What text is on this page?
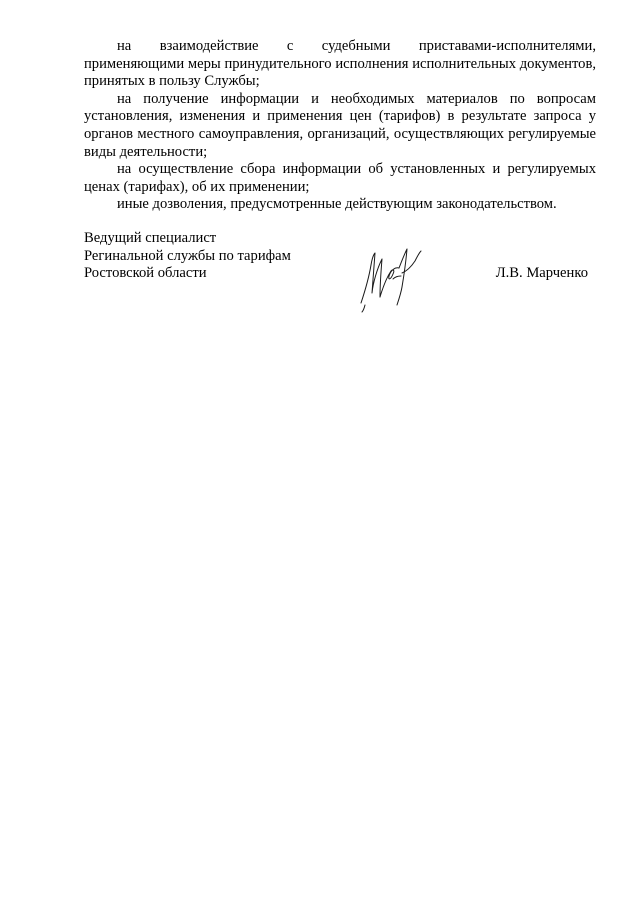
на взаимодействие с судебными приставами-исполнителями, применяющими меры принудительного исполнения исполнительных документов, принятых в пользу Службы;

на получение информации и необходимых материалов по вопросам установления, изменения и применения цен (тарифов) в результате запроса у органов местного самоуправления, организаций, осуществляющих регулируемые виды деятельности;

на осуществление сбора информации об установленных и регулируемых ценах (тарифах), об их применении;

иные дозволения, предусмотренные действующим законодательством.

Ведущий специалист

Регинальной службы по тарифам

Ростовской области	Л.В. Марченко
